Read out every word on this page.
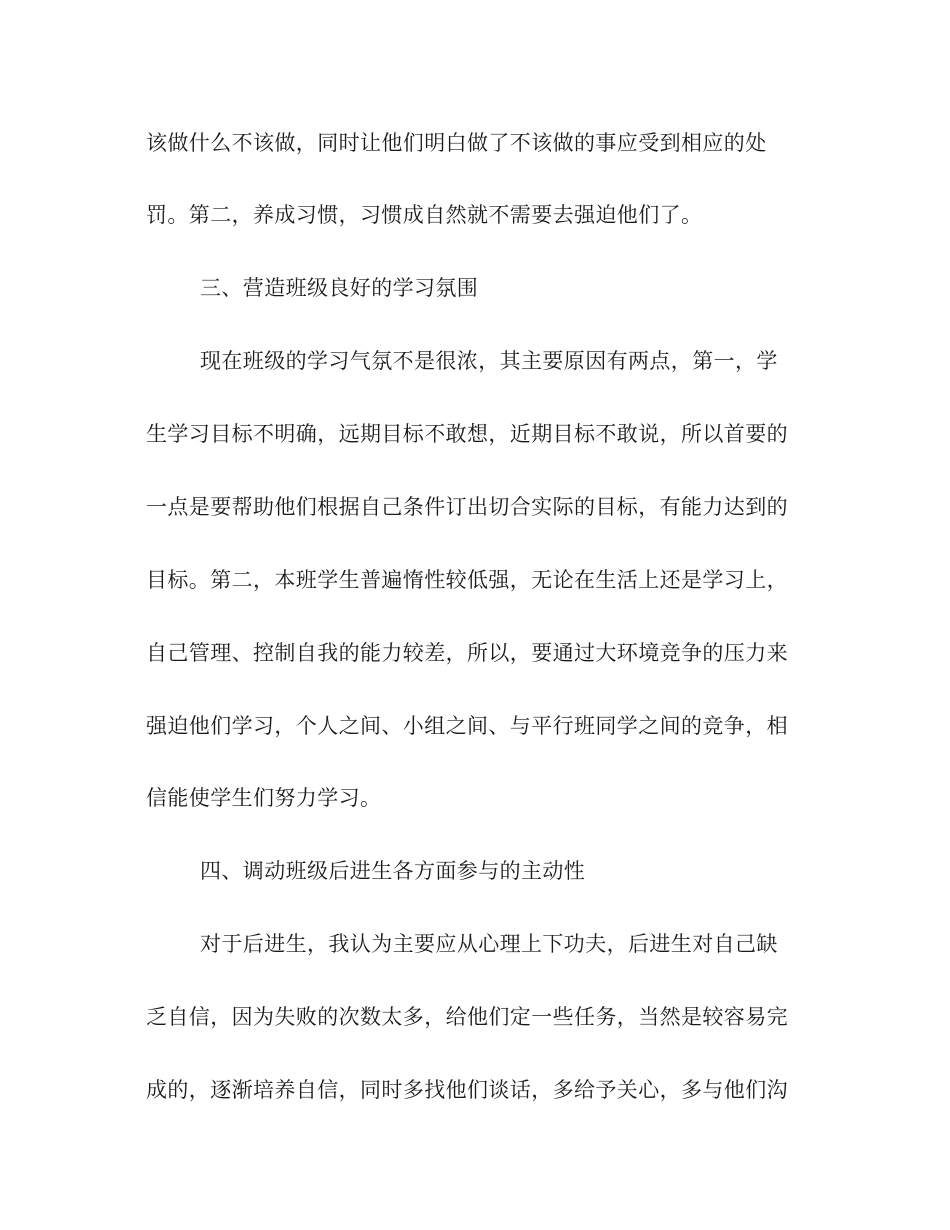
该做什么不该做，同时让他们明白做了不该做的事应受到相应的处
罚。第二，养成习惯，习惯成自然就不需要去强迫他们了。
三、营造班级良好的学习氛围
现在班级的学习气氛不是很浓，其主要原因有两点，第一，学
生学习目标不明确，远期目标不敢想，近期目标不敢说，所以首要的
一点是要帮助他们根据自己条件订出切合实际的目标，有能力达到的
目标。第二，本班学生普遍惰性较低强，无论在生活上还是学习上，
自己管理、控制自我的能力较差，所以，要通过大环境竞争的压力来
强迫他们学习，个人之间、小组之间、与平行班同学之间的竞争，相
信能使学生们努力学习。
四、调动班级后进生各方面参与的主动性
对于后进生，我认为主要应从心理上下功夫，后进生对自己缺
乏自信，因为失败的次数太多，给他们定一些任务，当然是较容易完
成的，逐渐培养自信，同时多找他们谈话，多给予关心，多与他们沟
